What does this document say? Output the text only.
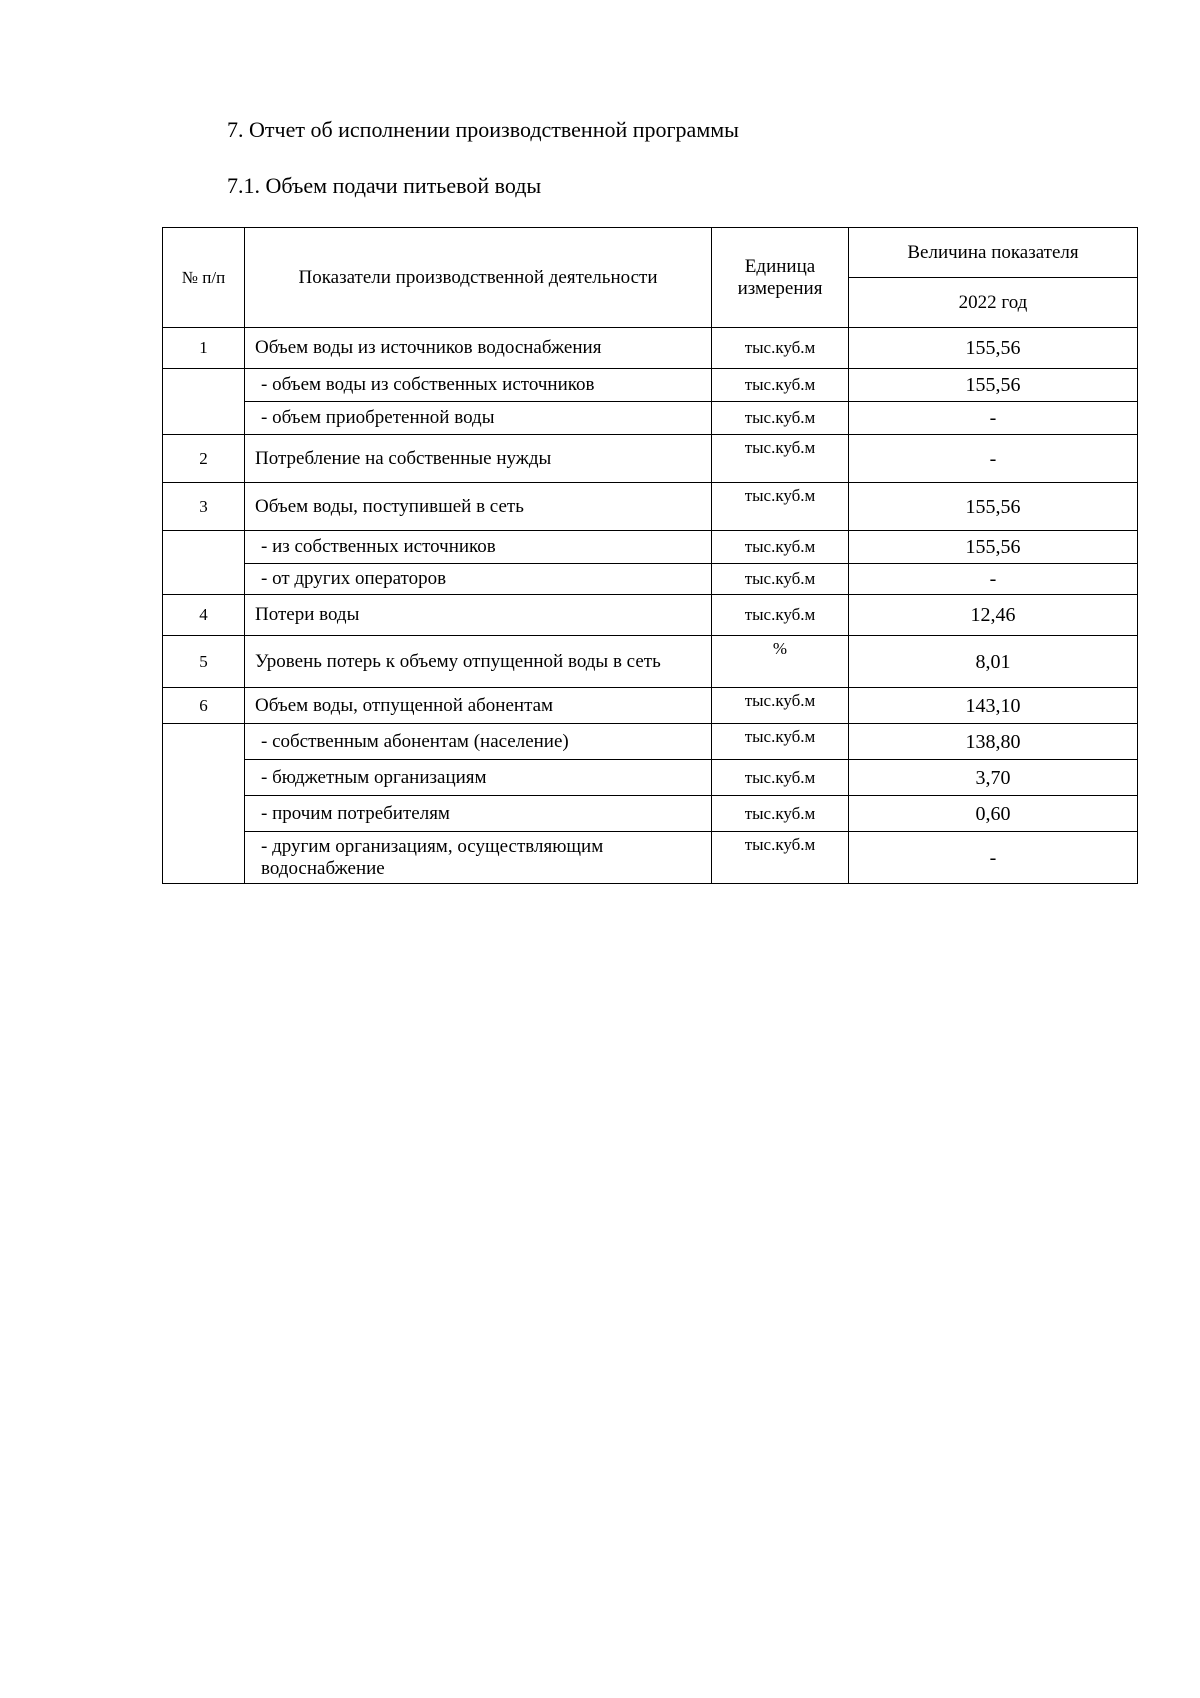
7. Отчет об исполнении производственной программы
7.1. Объем подачи питьевой воды
№ п/п	Показатели производственной деятельности	Единица измерения	Величина показателя
			2022 год
1	Объем воды из источников водоснабжения	тыс.куб.м	155,56
	- объем воды из собственных источников	тыс.куб.м	155,56
	- объем приобретенной воды	тыс.куб.м	-
2	Потребление на собственные нужды	тыс.куб.м	-
3	Объем воды, поступившей в сеть	тыс.куб.м	155,56
	- из собственных источников	тыс.куб.м	155,56
	- от других операторов	тыс.куб.м	-
4	Потери воды	тыс.куб.м	12,46
5	Уровень потерь к объему отпущенной воды в сеть	%	8,01
6	Объем воды, отпущенной абонентам	тыс.куб.м	143,10
	- собственным абонентам (население)	тыс.куб.м	138,80
	- бюджетным организациям	тыс.куб.м	3,70
	- прочим потребителям	тыс.куб.м	0,60
	- другим организациям, осуществляющим водоснабжение	тыс.куб.м	-
